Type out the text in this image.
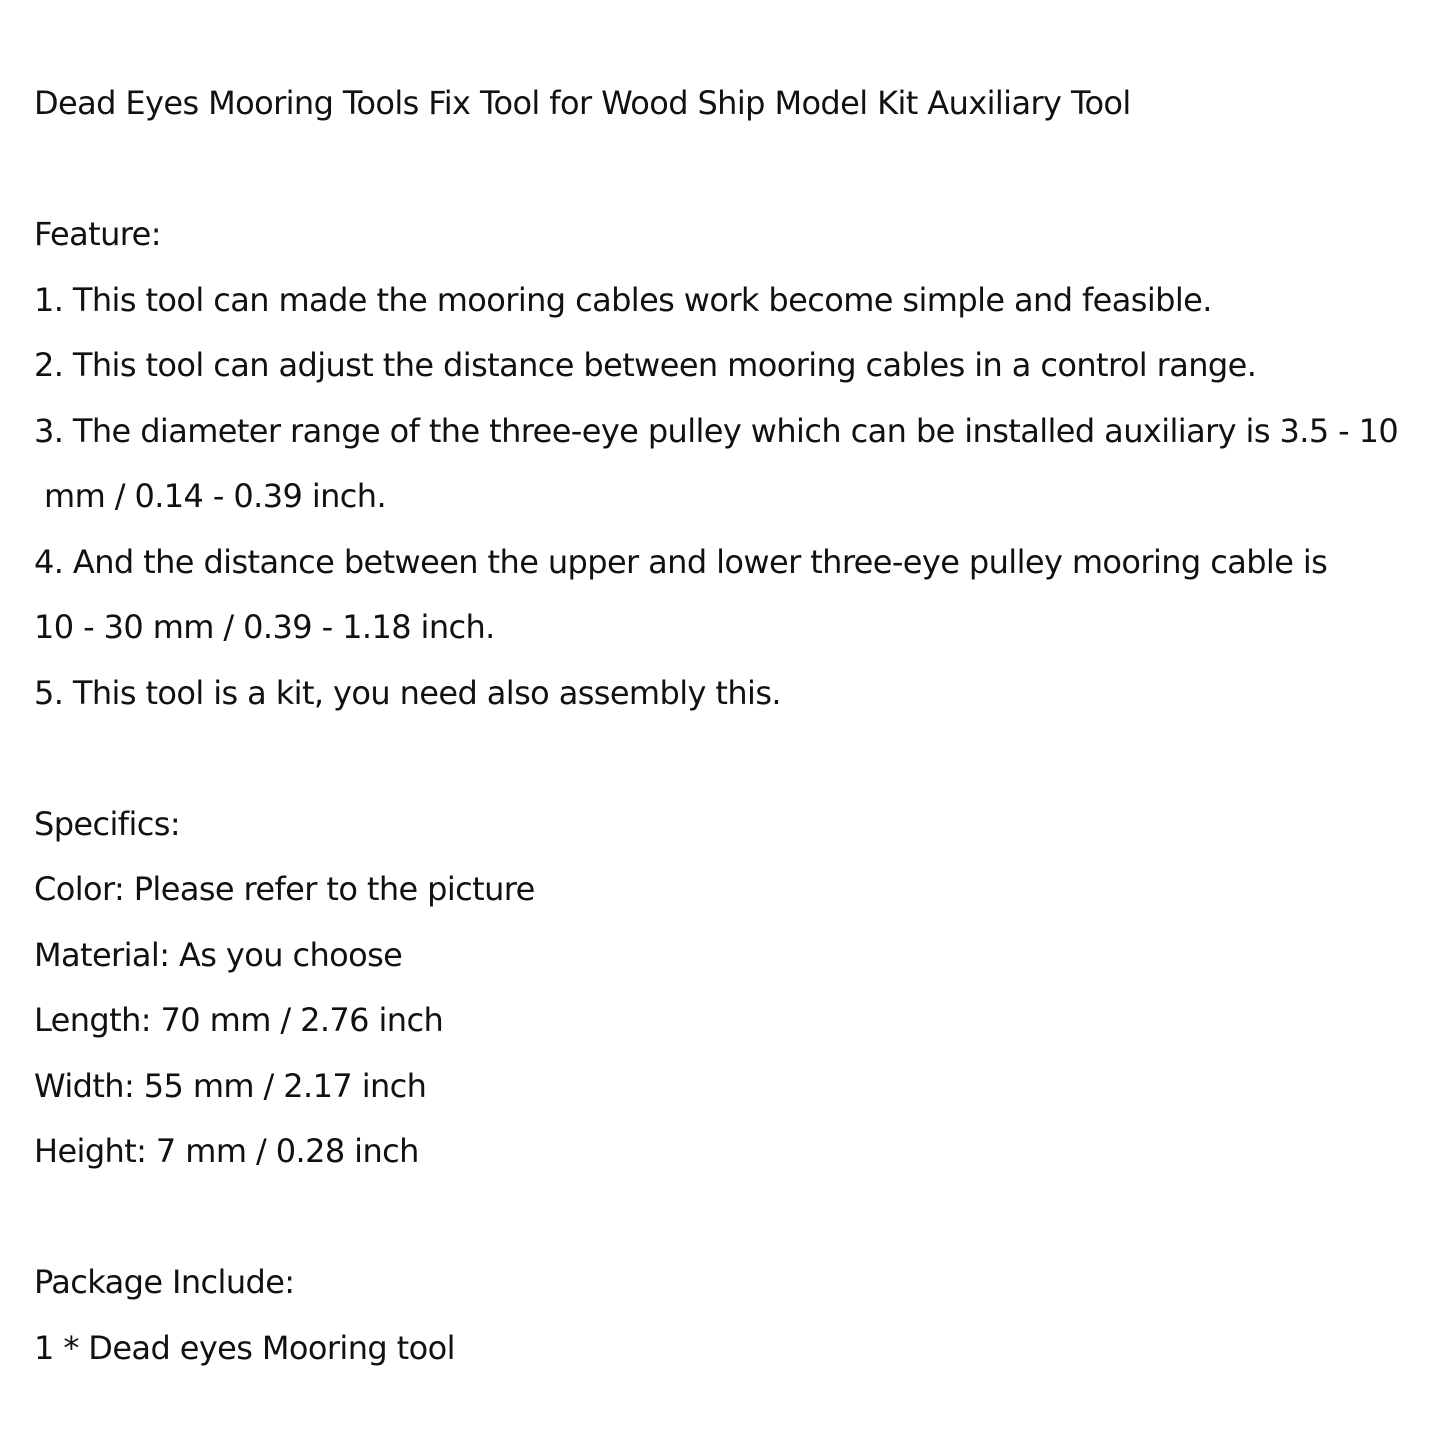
Dead Eyes Mooring Tools Fix Tool for Wood Ship Model Kit Auxiliary Tool
Feature:
1. This tool can made the mooring cables work become simple and feasible.
2. This tool can adjust the distance between mooring cables in a control range.
3. The diameter range of the three-eye pulley which can be installed auxiliary is 3.5 - 10
mm / 0.14 - 0.39 inch.
4. And the distance between the upper and lower three-eye pulley mooring cable is
10 - 30 mm / 0.39 - 1.18 inch.
5. This tool is a kit, you need also assembly this.
Specifics:
Color: Please refer to the picture
Material: As you choose
Length: 70 mm / 2.76 inch
Width: 55 mm / 2.17 inch
Height: 7 mm / 0.28 inch
Package Include:
1 * Dead eyes Mooring tool
